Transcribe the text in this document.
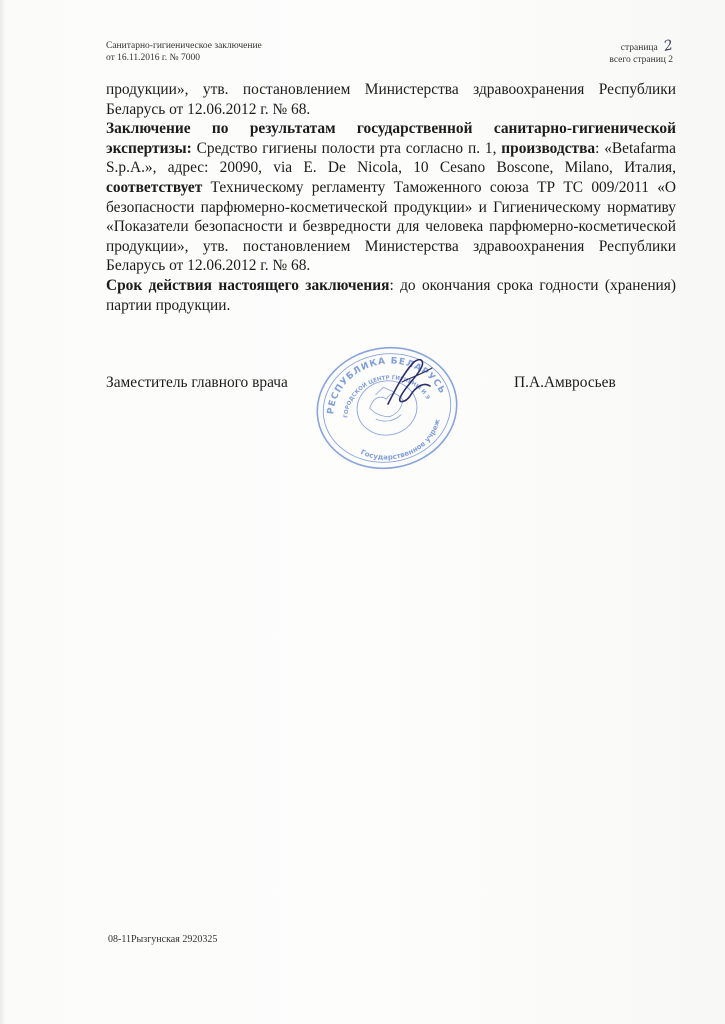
Санитарно-гигиеническое заключение
от 16.11.2016 г. № 7000
страница 2
всего страниц 2

продукции», утв. постановлением Министерства здравоохранения Республики Беларусь от 12.06.2012 г. № 68.

Заключение по результатам государственной санитарно-гигиенической экспертизы: Средство гигиены полости рта согласно п. 1, производства: «Betafarma S.p.A.», адрес: 20090, via E. De Nicola, 10 Cesano Boscone, Milano, Италия, соответствует Техническому регламенту Таможенного союза ТР ТС 009/2011 «О безопасности парфюмерно-косметической продукции» и Гигиеническому нормативу «Показатели безопасности и безвредности для человека парфюмерно-косметической продукции», утв. постановлением Министерства здравоохранения Республики Беларусь от 12.06.2012 г. № 68.

Срок действия настоящего заключения: до окончания срока годности (хранения) партии продукции.

Заместитель главного врача	П.А.Амвросьев
РЕСПУБЛИКА БЕЛАРУСЬ
ГОРОДСКОЙ ЦЕНТР ГИГИЕНЫ И ЭПИДЕМИОЛОГИИ
Государственное учреждение
08-11Рызгунская 2920325
